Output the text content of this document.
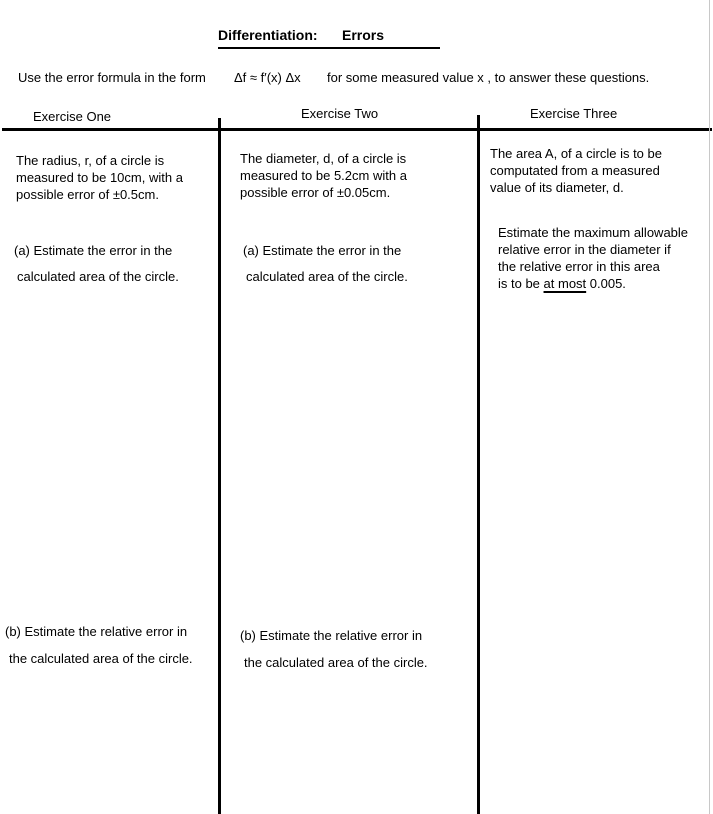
Differentiation: Errors
Use the error formula in the form Δf ≈ f′(x) Δx for some measured value x , to answer these questions.
Exercise One	Exercise Two	Exercise Three
The radius, r, of a circle is
measured to be 10cm, with a
possible error of ±0.5cm.
(a) Estimate the error in the
calculated area of the circle.
(b) Estimate the relative error in
the calculated area of the circle.
The diameter, d, of a circle is
measured to be 5.2cm with a
possible error of ±0.05cm.
(a) Estimate the error in the
calculated area of the circle.
(b) Estimate the relative error in
the calculated area of the circle.
The area A, of a circle is to be
computated from a measured
value of its diameter, d.
Estimate the maximum allowable
relative error in the diameter if
the relative error in this area
is to be at most 0.005.
